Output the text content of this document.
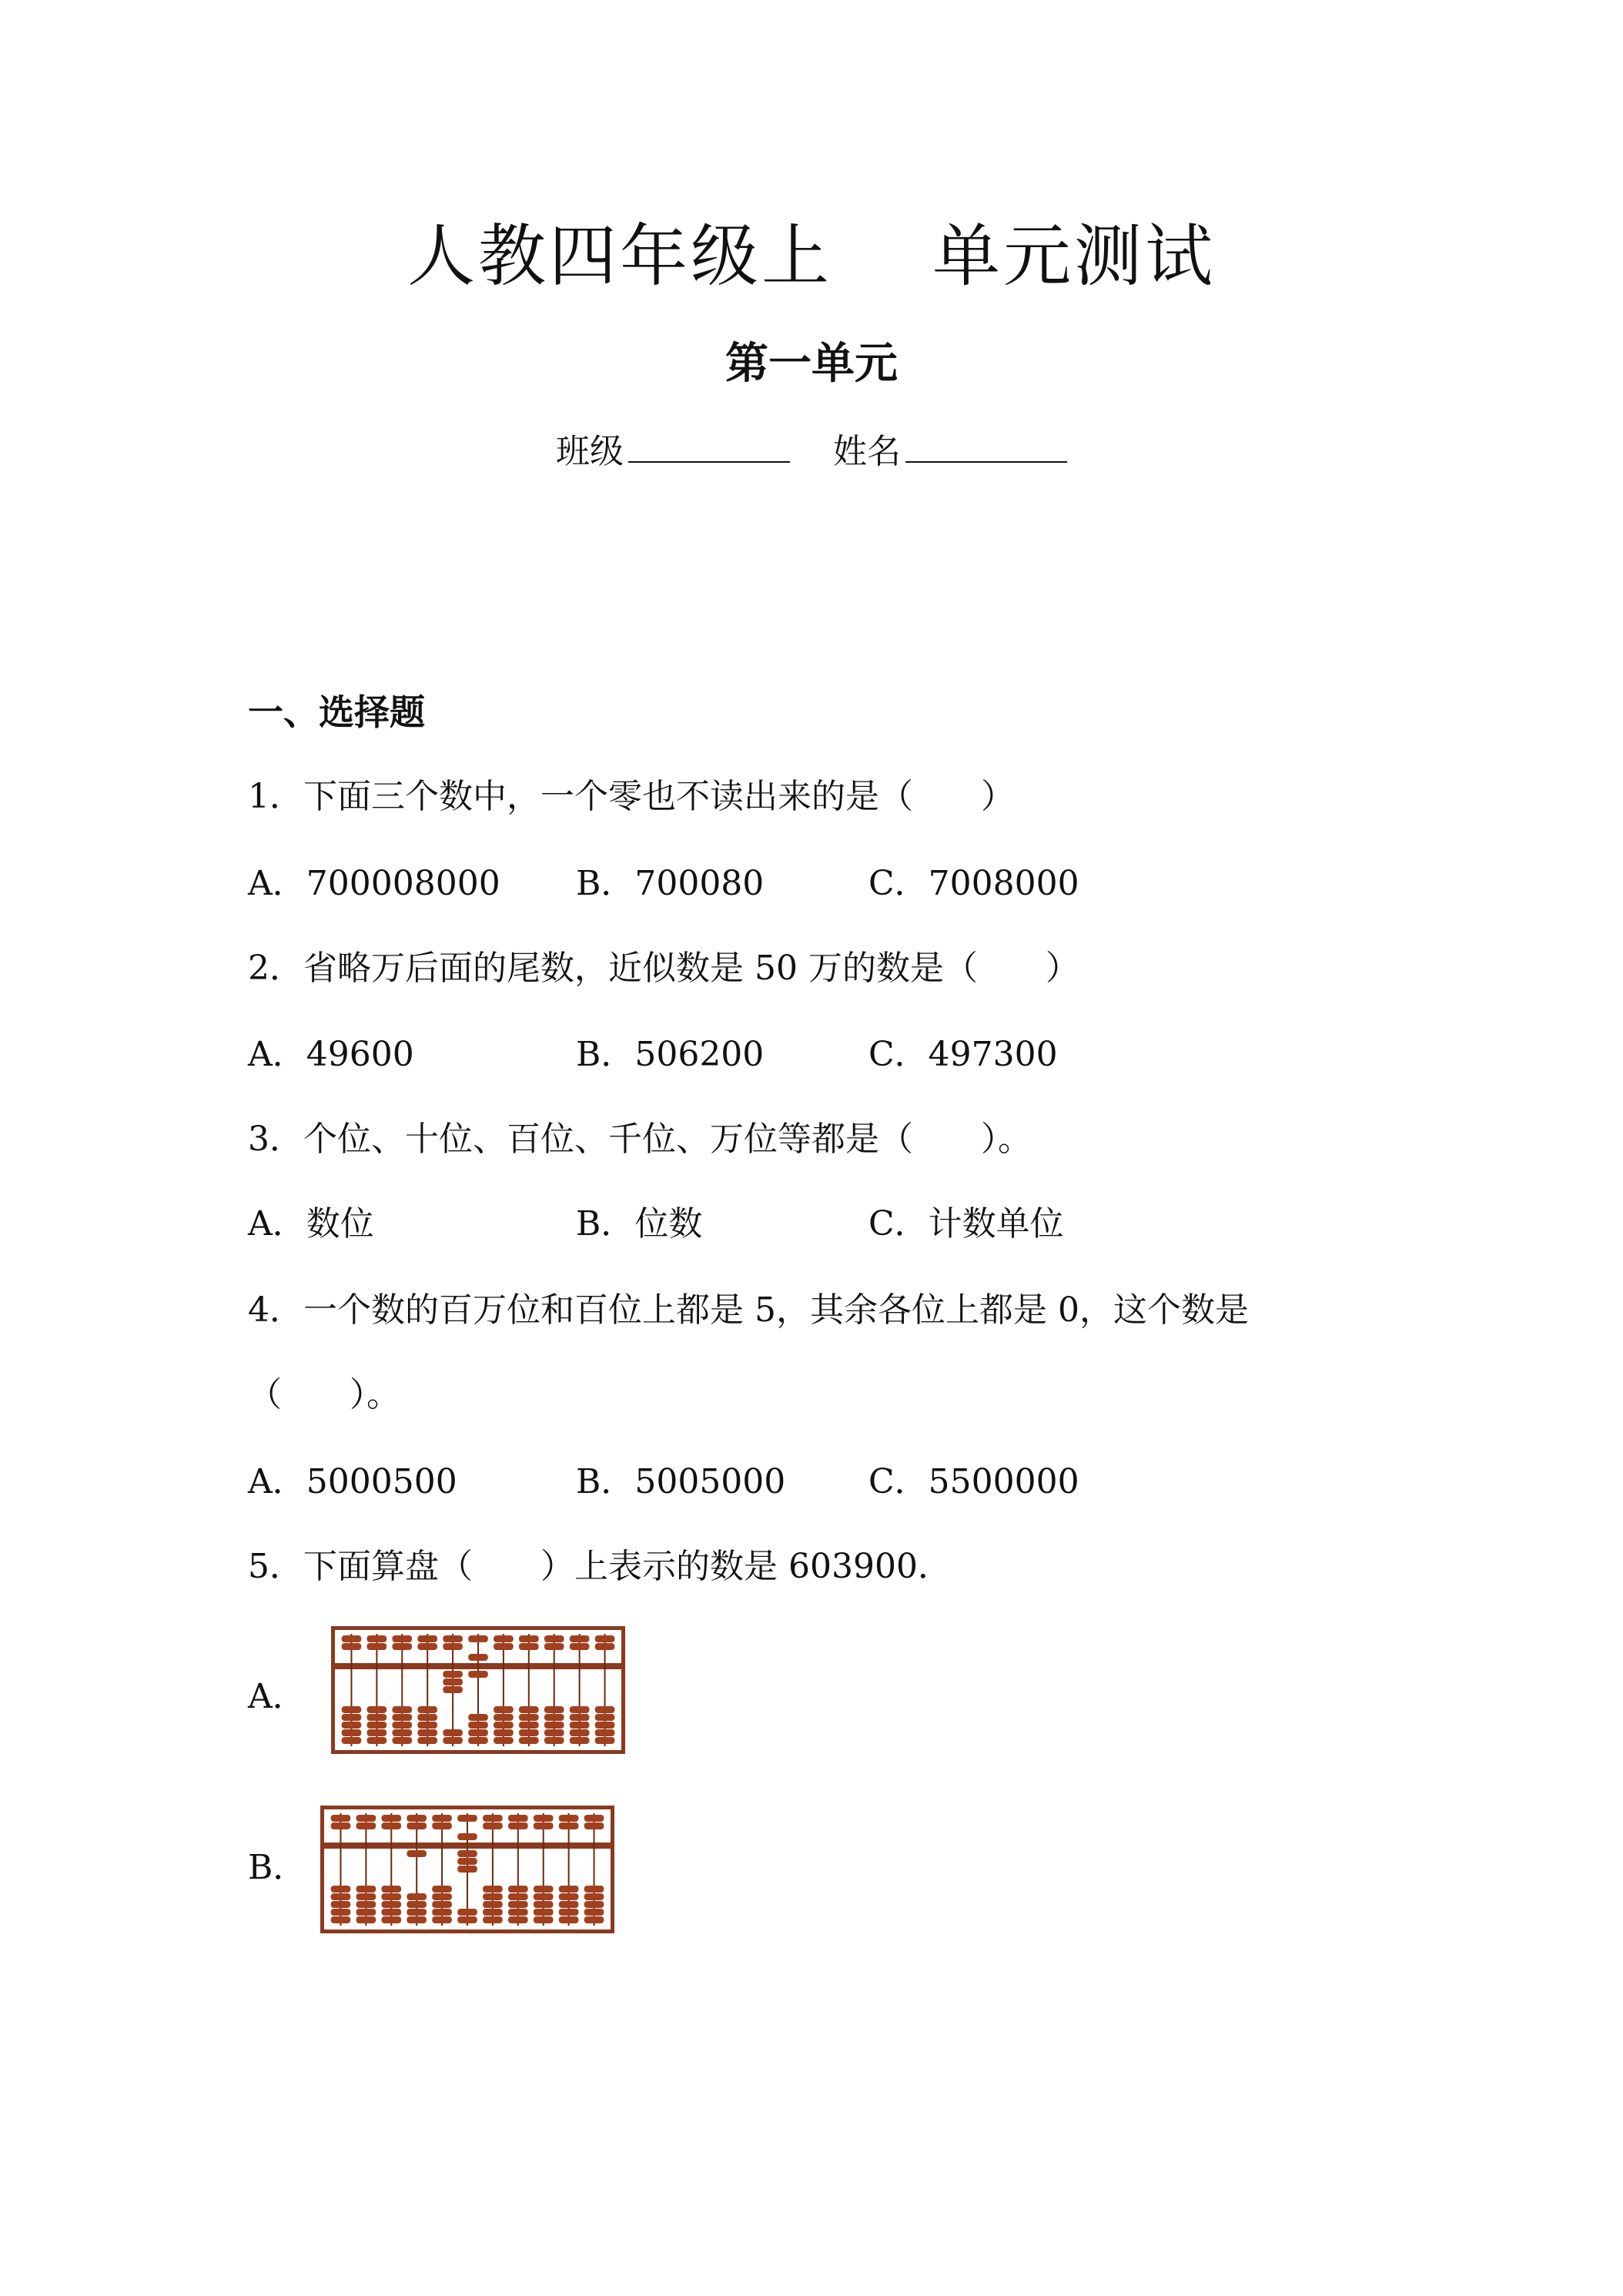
人教四年级上 单元测试
第一单元
班级	姓名
一、选择题
1．下面三个数中，一个零也不读出来的是（　　）
A．700008000 B．700080	C．7008000
2．省略万后面的尾数，近似数是 50 万的数是（　　）
A．49600	B．506200	C．497300
3．个位、十位、百位、千位、万位等都是（　　）。
A．数位	B．位数	C．计数单位
4．一个数的百万位和百位上都是 5，其余各位上都是 0，这个数是
（　　）。
A．5000500	B．5005000 C．5500000
5．下面算盘（　　）上表示的数是 603900．
A．
B．
